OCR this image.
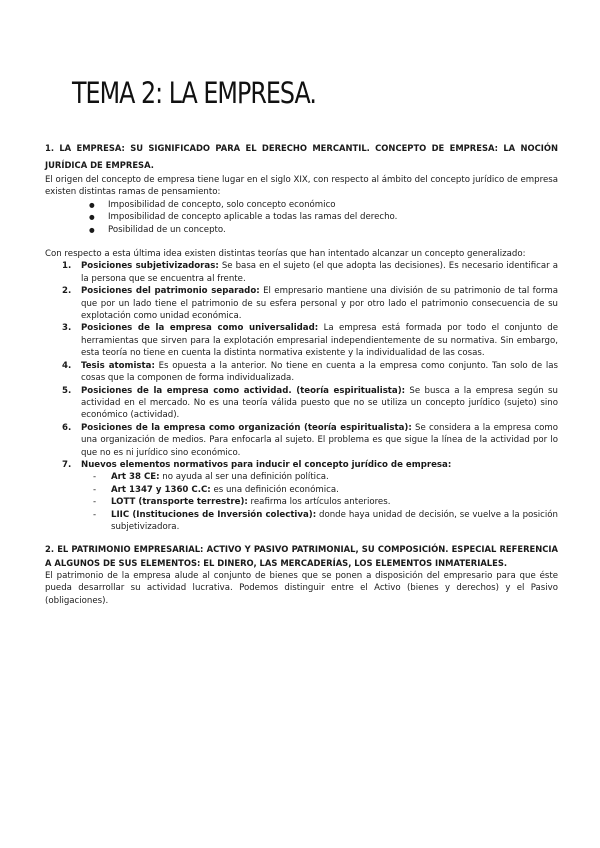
TEMA 2: LA EMPRESA.

1. LA EMPRESA: SU SIGNIFICADO PARA EL DERECHO MERCANTIL. CONCEPTO DE EMPRESA: LA NOCIÓN JURÍDICA DE EMPRESA.

El origen del concepto de empresa tiene lugar en el siglo XIX, con respecto al ámbito del concepto jurídico de empresa existen distintas ramas de pensamiento:

● Imposibilidad de concepto, solo concepto económico
● Imposibilidad de concepto aplicable a todas las ramas del derecho.
● Posibilidad de un concepto.

Con respecto a esta última idea existen distintas teorías que han intentado alcanzar un concepto generalizado:

1. Posiciones subjetivizadoras: Se basa en el sujeto (el que adopta las decisiones). Es necesario identificar a la persona que se encuentra al frente.
2. Posiciones del patrimonio separado: El empresario mantiene una división de su patrimonio de tal forma que por un lado tiene el patrimonio de su esfera personal y por otro lado el patrimonio consecuencia de su explotación como unidad económica.
3. Posiciones de la empresa como universalidad: La empresa está formada por todo el conjunto de herramientas que sirven para la explotación empresarial independientemente de su normativa. Sin embargo, esta teoría no tiene en cuenta la distinta normativa existente y la individualidad de las cosas.
4. Tesis atomista: Es opuesta a la anterior. No tiene en cuenta a la empresa como conjunto. Tan solo de las cosas que la componen de forma individualizada.
5. Posiciones de la empresa como actividad. (teoría espiritualista): Se busca a la empresa según su actividad en el mercado. No es una teoría válida puesto que no se utiliza un concepto jurídico (sujeto) sino económico (actividad).
6. Posiciones de la empresa como organización (teoría espiritualista): Se considera a la empresa como una organización de medios. Para enfocarla al sujeto. El problema es que sigue la línea de la actividad por lo que no es ni jurídico sino económico.
7. Nuevos elementos normativos para inducir el concepto jurídico de empresa:
- Art 38 CE: no ayuda al ser una definición política.
- Art 1347 y 1360 C.C: es una definición económica.
- LOTT (transporte terrestre): reafirma los artículos anteriores.
- LIIC (Instituciones de Inversión colectiva): donde haya unidad de decisión, se vuelve a la posición subjetivizadora.

2. EL PATRIMONIO EMPRESARIAL: ACTIVO Y PASIVO PATRIMONIAL, SU COMPOSICIÓN. ESPECIAL REFERENCIA A ALGUNOS DE SUS ELEMENTOS: EL DINERO, LAS MERCADERÍAS, LOS ELEMENTOS INMATERIALES.

El patrimonio de la empresa alude al conjunto de bienes que se ponen a disposición del empresario para que éste pueda desarrollar su actividad lucrativa. Podemos distinguir entre el Activo (bienes y derechos) y el Pasivo (obligaciones).
